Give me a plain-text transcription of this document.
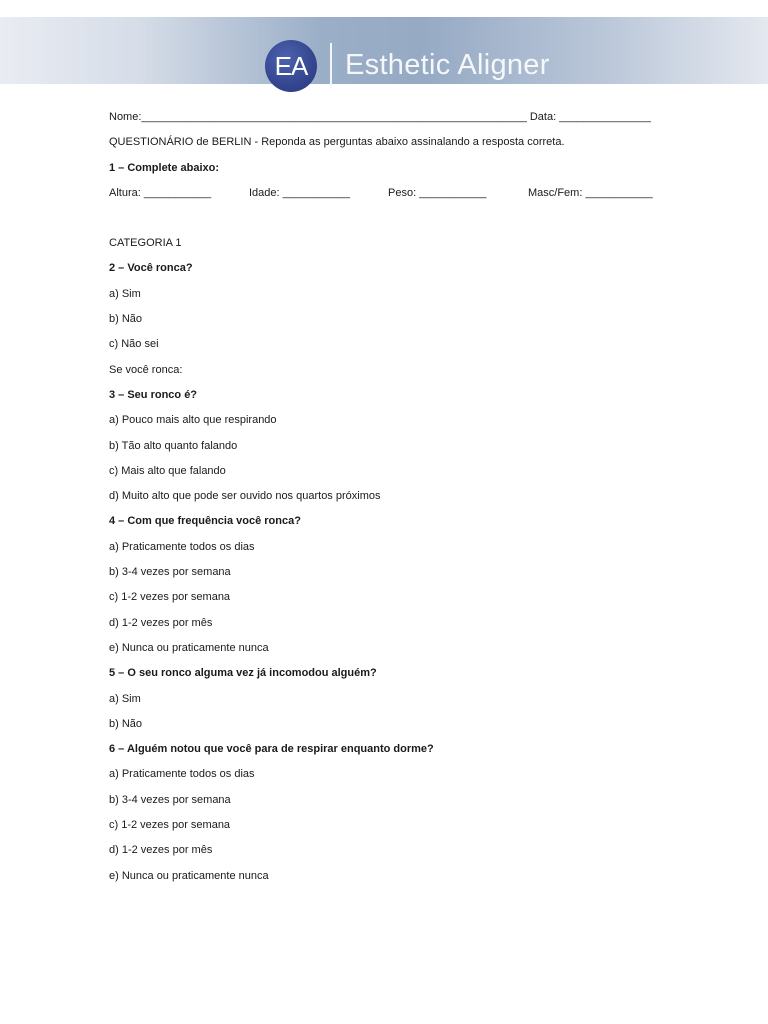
EA	Esthetic Aligner
Nome:_______________________________________________________________ Data: _______________
QUESTIONÁRIO de BERLIN - Reponda as perguntas abaixo assinalando a resposta correta.
1 – Complete abaixo:
Altura: ___________	Idade: ___________	Peso: ___________	Masc/Fem: ___________
CATEGORIA 1
2 – Você ronca?
a) Sim
b) Não
c) Não sei
Se você ronca:
3 – Seu ronco é?
a) Pouco mais alto que respirando
b) Tão alto quanto falando
c) Mais alto que falando
d) Muito alto que pode ser ouvido nos quartos próximos
4 – Com que frequência você ronca?
a) Praticamente todos os dias
b) 3-4 vezes por semana
c) 1-2 vezes por semana
d) 1-2 vezes por mês
e) Nunca ou praticamente nunca
5 – O seu ronco alguma vez já incomodou alguém?
a) Sim
b) Não
6 – Alguém notou que você para de respirar enquanto dorme?
a) Praticamente todos os dias
b) 3-4 vezes por semana
c) 1-2 vezes por semana
d) 1-2 vezes por mês
e) Nunca ou praticamente nunca
